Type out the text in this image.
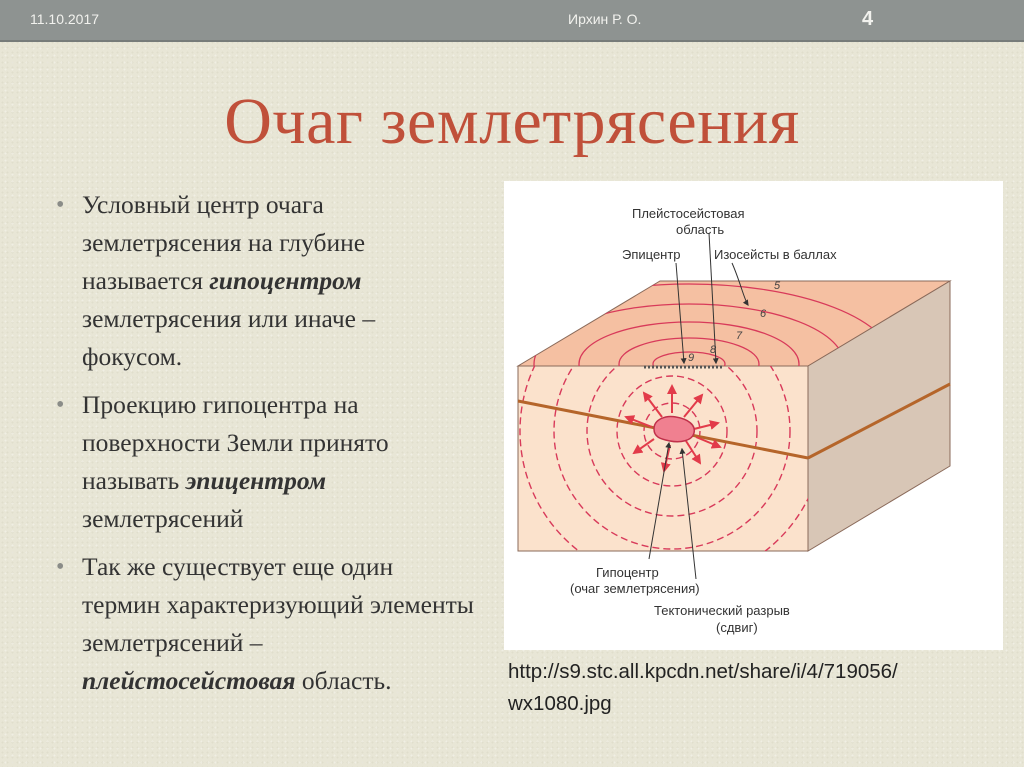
11.10.2017	Ирхин Р. О.	4
Очаг землетрясения
• Условный центр очага землетрясения на глубине называется гипоцентром землетрясения или иначе – фокусом.
• Проекцию гипоцентра на поверхности Земли принято называть эпицентром землетрясений
• Так же существует еще один термин характеризующий элементы землетрясений – плейстосейстовая область.
5
6
7
8
9
Плейстосейстовая
область
Эпицентр	Изосейсты в баллах
Гипоцентр
(очаг землетрясения)
Тектонический разрыв
(сдвиг)
http://s9.stc.all.kpcdn.net/share/i/4/719056/
wx1080.jpg
